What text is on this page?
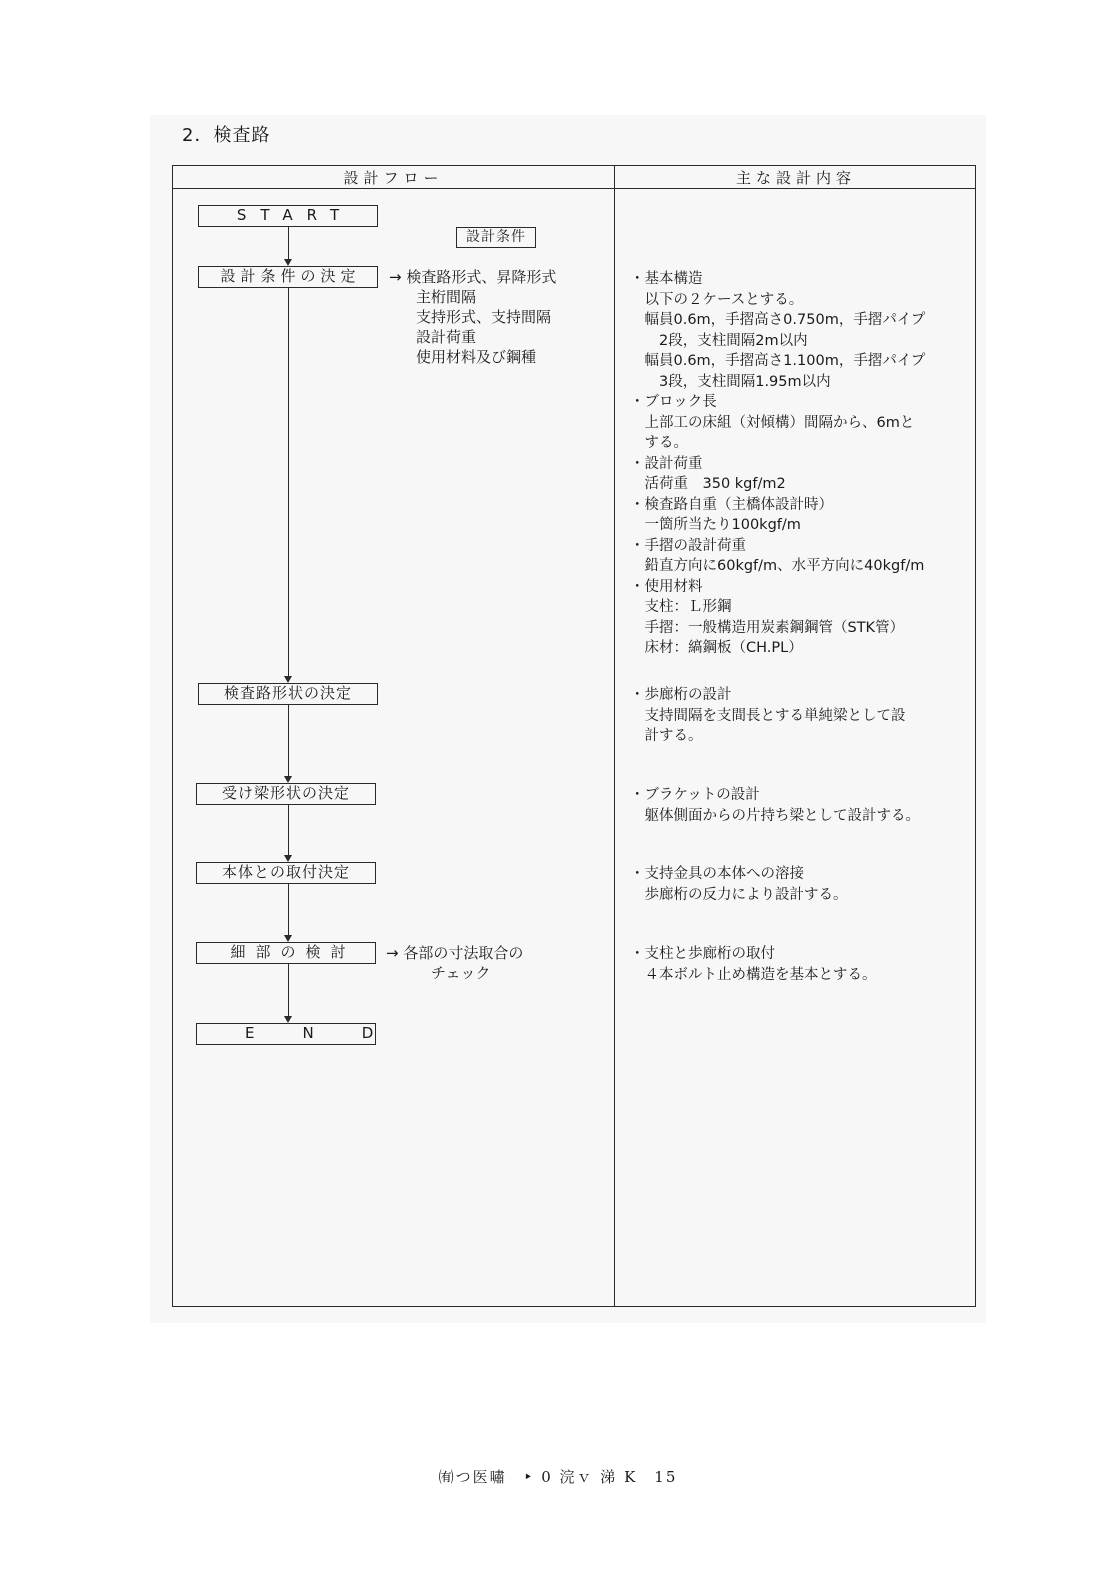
2．検査路
設計フロー	主な設計内容
START
設計条件
設計条件の決定
検査路形状の決定
受け梁形状の決定
本体との取付決定
細部の検討
END
→ 検査路形式、昇降形式
主桁間隔
支持形式、支持間隔
設計荷重
使用材料及び鋼種
→ 各部の寸法取合の
チェック
・基本構造
　以下の２ケースとする。
　幅員0.6m，手摺高さ0.750m，手摺パイプ
　　2段，支柱間隔2m以内
　幅員0.6m，手摺高さ1.100m，手摺パイプ
　　3段，支柱間隔1.95m以内
・ブロック長
　上部工の床組（対傾構）間隔から、6mと
　する。
・設計荷重
　活荷重　350 kgf/m2
・検査路自重（主橋体設計時）
　一箇所当たり100kgf/m
・手摺の設計荷重
　鉛直方向に60kgf/m、水平方向に40kgf/m
・使用材料
　支柱：Ｌ形鋼
　手摺：一般構造用炭素鋼鋼管（STK管）
　床材：縞鋼板（CH.PL）
・歩廊桁の設計
　支持間隔を支間長とする単純梁として設
　計する。
・ブラケットの設計
　躯体側面からの片持ち梁として設計する。
・支持金具の本体への溶接
　歩廊桁の反力により設計する。
・支柱と歩廊桁の取付
　４本ボルト止め構造を基本とする。
㈲つ医嘯　‣ 0 浣ｖ 涕 K　15
